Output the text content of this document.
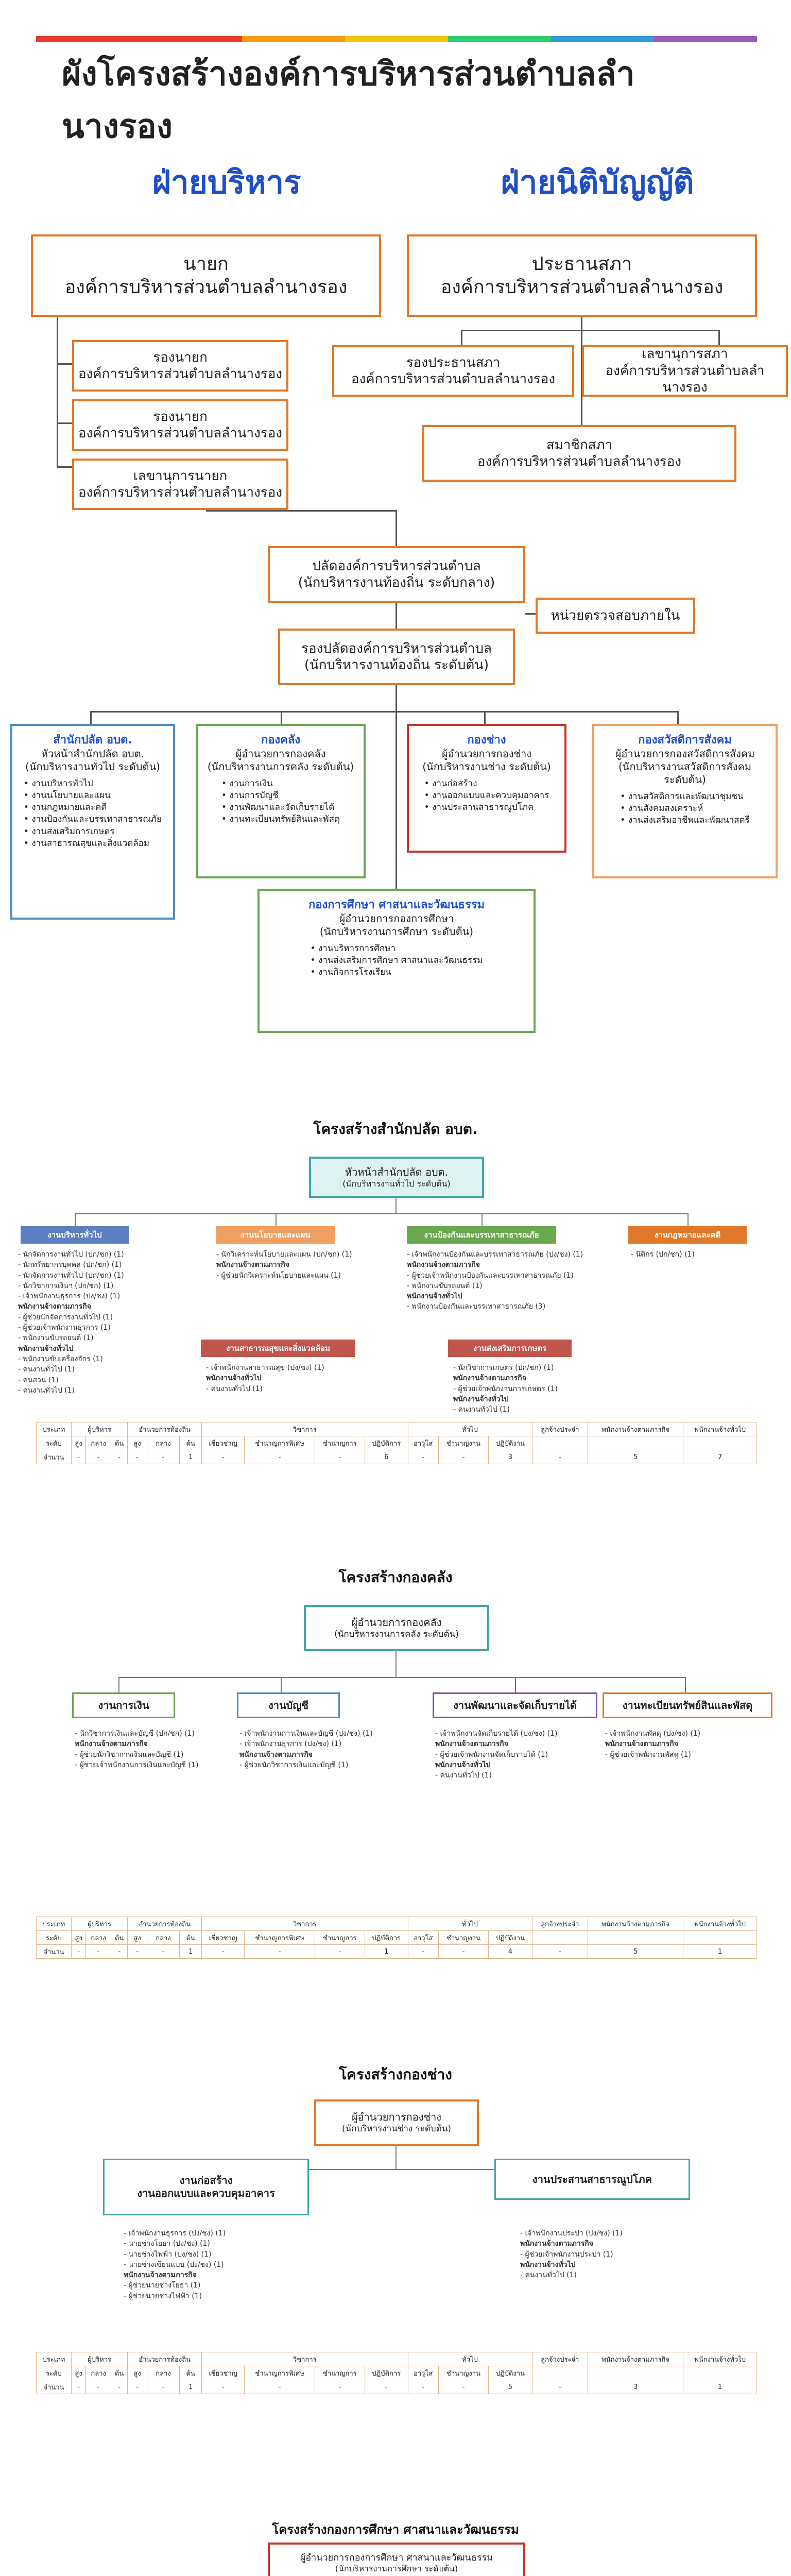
ผังโครงสร้างองค์การบริหารส่วนตำบลลำนางรอง
ฝ่ายบริหาร	ฝ่ายนิติบัญญัติ
นายก
องค์การบริหารส่วนตำบลลำนางรอง
ประธานสภา
องค์การบริหารส่วนตำบลลำนางรอง
รองนายก
องค์การบริหารส่วนตำบลลำนางรอง
รองนายก
องค์การบริหารส่วนตำบลลำนางรอง
เลขานุการนายก
องค์การบริหารส่วนตำบลลำนางรอง
รองประธานสภา
องค์การบริหารส่วนตำบลลำนางรอง
เลขานุการสภา
องค์การบริหารส่วนตำบลลำนางรอง
สมาชิกสภา
องค์การบริหารส่วนตำบลลำนางรอง
ปลัดองค์การบริหารส่วนตำบล
(นักบริหารงานท้องถิ่น ระดับกลาง)
หน่วยตรวจสอบภายใน
รองปลัดองค์การบริหารส่วนตำบล
(นักบริหารงานท้องถิ่น ระดับต้น)
สำนักปลัด อบต.
หัวหน้าสำนักปลัด อบต.
(นักบริหารงานทั่วไป ระดับต้น)
• งานบริหารทั่วไป
• งานนโยบายและแผน
• งานกฎหมายและคดี
• งานป้องกันและบรรเทาสาธารณภัย
• งานส่งเสริมการเกษตร
• งานสาธารณสุขและสิ่งแวดล้อม
กองคลัง
ผู้อำนวยการกองคลัง
(นักบริหารงานการคลัง ระดับต้น)
• งานการเงิน
• งานการบัญชี
• งานพัฒนาและจัดเก็บรายได้
• งานทะเบียนทรัพย์สินและพัสดุ
กองช่าง
ผู้อำนวยการกองช่าง
(นักบริหารงานช่าง ระดับต้น)
• งานก่อสร้าง
• งานออกแบบและควบคุมอาคาร
• งานประสานสาธารณูปโภค
กองสวัสดิการสังคม
ผู้อำนวยการกองสวัสดิการสังคม
(นักบริหารงานสวัสดิการสังคม
ระดับต้น)
• งานสวัสดิการและพัฒนาชุมชน
• งานสังคมสงเคราะห์
• งานส่งเสริมอาชีพและพัฒนาสตรี
กองการศึกษา ศาสนาและวัฒนธรรม
ผู้อำนวยการกองการศึกษา
(นักบริหารงานการศึกษา ระดับต้น)
• งานบริหารการศึกษา
• งานส่งเสริมการศึกษา ศาสนาและวัฒนธรรม
• งานกิจการโรงเรียน
โครงสร้างสำนักปลัด อบต.
หัวหน้าสำนักปลัด อบต.
(นักบริหารงานทั่วไป ระดับต้น)
งานบริหารทั่วไป	งานนโยบายและแผน	งานป้องกันและบรรเทาสาธารณภัย	งานกฎหมายและคดี
- นักจัดการงานทั่วไป (ปก/ชก) (1)
- นักทรัพยากรบุคคล (ปก/ชก) (1)
- นักจัดการงานทั่วไป (ปก/ชก) (1)
- นักวิชาการเงินฯ (ปก/ชก) (1)
- เจ้าพนักงานธุรการ (ปง/ชง) (1)
พนักงานจ้างตามภารกิจ
- ผู้ช่วยนักจัดการงานทั่วไป (1)
- ผู้ช่วยเจ้าพนักงานธุรการ (1)
- พนักงานขับรถยนต์ (1)
พนักงานจ้างทั่วไป
- พนักงานขับเครื่องจักร (1)
- คนงานทั่วไป (1)
- คนสวน (1)
- คนงานทั่วไป (1)
- นักวิเคราะห์นโยบายและแผน (ปก/ชก) (1)
พนักงานจ้างตามภารกิจ
- ผู้ช่วยนักวิเคราะห์นโยบายและแผน (1)
- เจ้าพนักงานป้องกันและบรรเทาสาธารณภัย (ปง/ชง) (1)
พนักงานจ้างตามภารกิจ
- ผู้ช่วยเจ้าพนักงานป้องกันและบรรเทาสาธารณภัย (1)
- พนักงานขับรถยนต์ (1)
พนักงานจ้างทั่วไป
- พนักงานป้องกันและบรรเทาสาธารณภัย (3)
- นิติกร (ปก/ชก) (1)
งานสาธารณสุขและสิ่งแวดล้อม	งานส่งเสริมการเกษตร
- เจ้าพนักงานสาธารณสุข (ปง/ชง) (1)
พนักงานจ้างทั่วไป
- คนงานทั่วไป (1)
- นักวิชาการเกษตร (ปก/ชก) (1)
พนักงานจ้างตามภารกิจ
- ผู้ช่วยเจ้าพนักงานการเกษตร (1)
พนักงานจ้างทั่วไป
- คนงานทั่วไป (1)
ประเภท	ผู้บริหาร			อำนวยการท้องถิ่น			วิชาการ				ทั่วไป			ลูกจ้างประจำ	พนักงานจ้างตามภารกิจ	พนักงานจ้างทั่วไป
ระดับ	สูง	กลาง	ต้น	สูง	กลาง	ต้น	เชี่ยวชาญ	ชำนาญการพิเศษ	ชำนาญการ	ปฏิบัติการ	อาวุโส	ชำนาญงาน	ปฏิบัติงาน			
จำนวน	-	-	-	-	-	1	-	-	-	6	-	-	3	-	5	7
โครงสร้างกองคลัง
ผู้อำนวยการกองคลัง
(นักบริหารงานการคลัง ระดับต้น)
งานการเงิน	งานบัญชี	งานพัฒนาและจัดเก็บรายได้	งานทะเบียนทรัพย์สินและพัสดุ
- นักวิชาการเงินและบัญชี (ปก/ชก) (1)
พนักงานจ้างตามภารกิจ
- ผู้ช่วยนักวิชาการเงินและบัญชี (1)
- ผู้ช่วยเจ้าพนักงานการเงินและบัญชี (1)
- เจ้าพนักงานการเงินและบัญชี (ปง/ชง) (1)
- เจ้าพนักงานธุรการ (ปง/ชง) (1)
พนักงานจ้างตามภารกิจ
- ผู้ช่วยนักวิชาการเงินและบัญชี (1)
- เจ้าพนักงานจัดเก็บรายได้ (ปง/ชง) (1)
พนักงานจ้างตามภารกิจ
- ผู้ช่วยเจ้าพนักงานจัดเก็บรายได้ (1)
พนักงานจ้างทั่วไป
- คนงานทั่วไป (1)
- เจ้าพนักงานพัสดุ (ปง/ชง) (1)
พนักงานจ้างตามภารกิจ
- ผู้ช่วยเจ้าพนักงานพัสดุ (1)
ประเภท	ผู้บริหาร			อำนวยการท้องถิ่น			วิชาการ				ทั่วไป			ลูกจ้างประจำ	พนักงานจ้างตามภารกิจ	พนักงานจ้างทั่วไป
ระดับ	สูง	กลาง	ต้น	สูง	กลาง	ต้น	เชี่ยวชาญ	ชำนาญการพิเศษ	ชำนาญการ	ปฏิบัติการ	อาวุโส	ชำนาญงาน	ปฏิบัติงาน			
จำนวน	-	-	-	-	-	1	-	-	-	1	-	-	4	-	5	1
โครงสร้างกองช่าง
ผู้อำนวยการกองช่าง
(นักบริหารงานช่าง ระดับต้น)
งานก่อสร้าง
งานออกแบบและควบคุมอาคาร
งานประสานสาธารณูปโภค
- เจ้าพนักงานธุรการ (ปง/ชง) (1)
- นายช่างโยธา (ปง/ชง) (1)
- นายช่างไฟฟ้า (ปง/ชง) (1)
- นายช่างเขียนแบบ (ปง/ชง) (1)
พนักงานจ้างตามภารกิจ
- ผู้ช่วยนายช่างโยธา (1)
- ผู้ช่วยนายช่างไฟฟ้า (1)
- เจ้าพนักงานประปา (ปง/ชง) (1)
พนักงานจ้างตามภารกิจ
- ผู้ช่วยเจ้าพนักงานประปา (1)
พนักงานจ้างทั่วไป
- คนงานทั่วไป (1)
ประเภท	ผู้บริหาร			อำนวยการท้องถิ่น			วิชาการ				ทั่วไป			ลูกจ้างประจำ	พนักงานจ้างตามภารกิจ	พนักงานจ้างทั่วไป
ระดับ	สูง	กลาง	ต้น	สูง	กลาง	ต้น	เชี่ยวชาญ	ชำนาญการพิเศษ	ชำนาญการ	ปฏิบัติการ	อาวุโส	ชำนาญงาน	ปฏิบัติงาน			
จำนวน	-	-	-	-	-	1	-	-	-	-	-	-	5	-	3	1
โครงสร้างกองการศึกษา ศาสนาและวัฒนธรรม
ผู้อำนวยการกองการศึกษา ศาสนาและวัฒนธรรม
(นักบริหารงานการศึกษา ระดับต้น)
